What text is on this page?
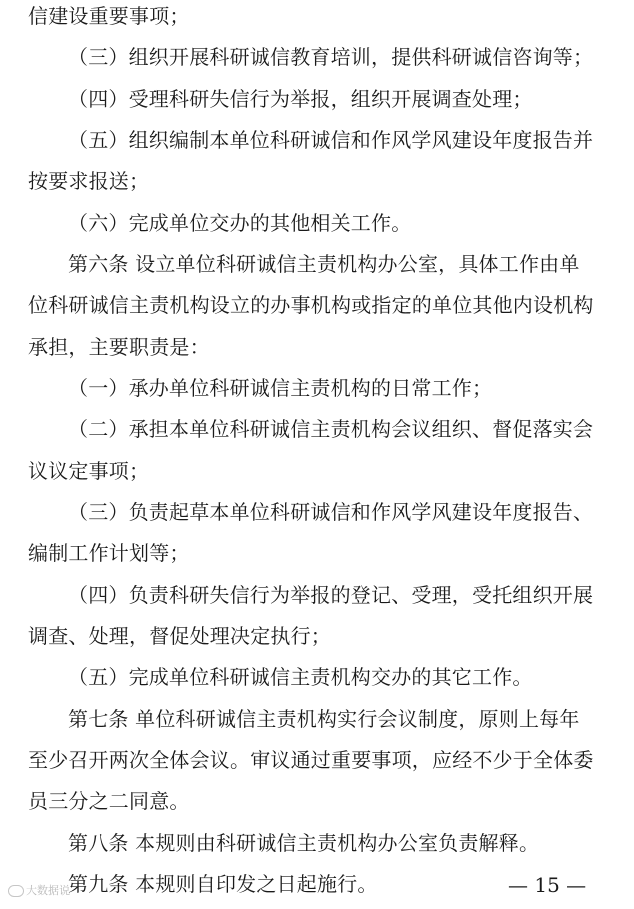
信建设重要事项；
（三）组织开展科研诚信教育培训，提供科研诚信咨询等；
（四）受理科研失信行为举报，组织开展调查处理；
（五）组织编制本单位科研诚信和作风学风建设年度报告并
按要求报送；
（六）完成单位交办的其他相关工作。
第六条 设立单位科研诚信主责机构办公室，具体工作由单
位科研诚信主责机构设立的办事机构或指定的单位其他内设机构
承担，主要职责是：
（一）承办单位科研诚信主责机构的日常工作；
（二）承担本单位科研诚信主责机构会议组织、督促落实会
议议定事项；
（三）负责起草本单位科研诚信和作风学风建设年度报告、
编制工作计划等；
（四）负责科研失信行为举报的登记、受理，受托组织开展
调查、处理，督促处理决定执行；
（五）完成单位科研诚信主责机构交办的其它工作。
第七条 单位科研诚信主责机构实行会议制度，原则上每年
至少召开两次全体会议。审议通过重要事项，应经不少于全体委
员三分之二同意。
第八条 本规则由科研诚信主责机构办公室负责解释。
第九条 本规则自印发之日起施行。
大数据说	— 15 —
